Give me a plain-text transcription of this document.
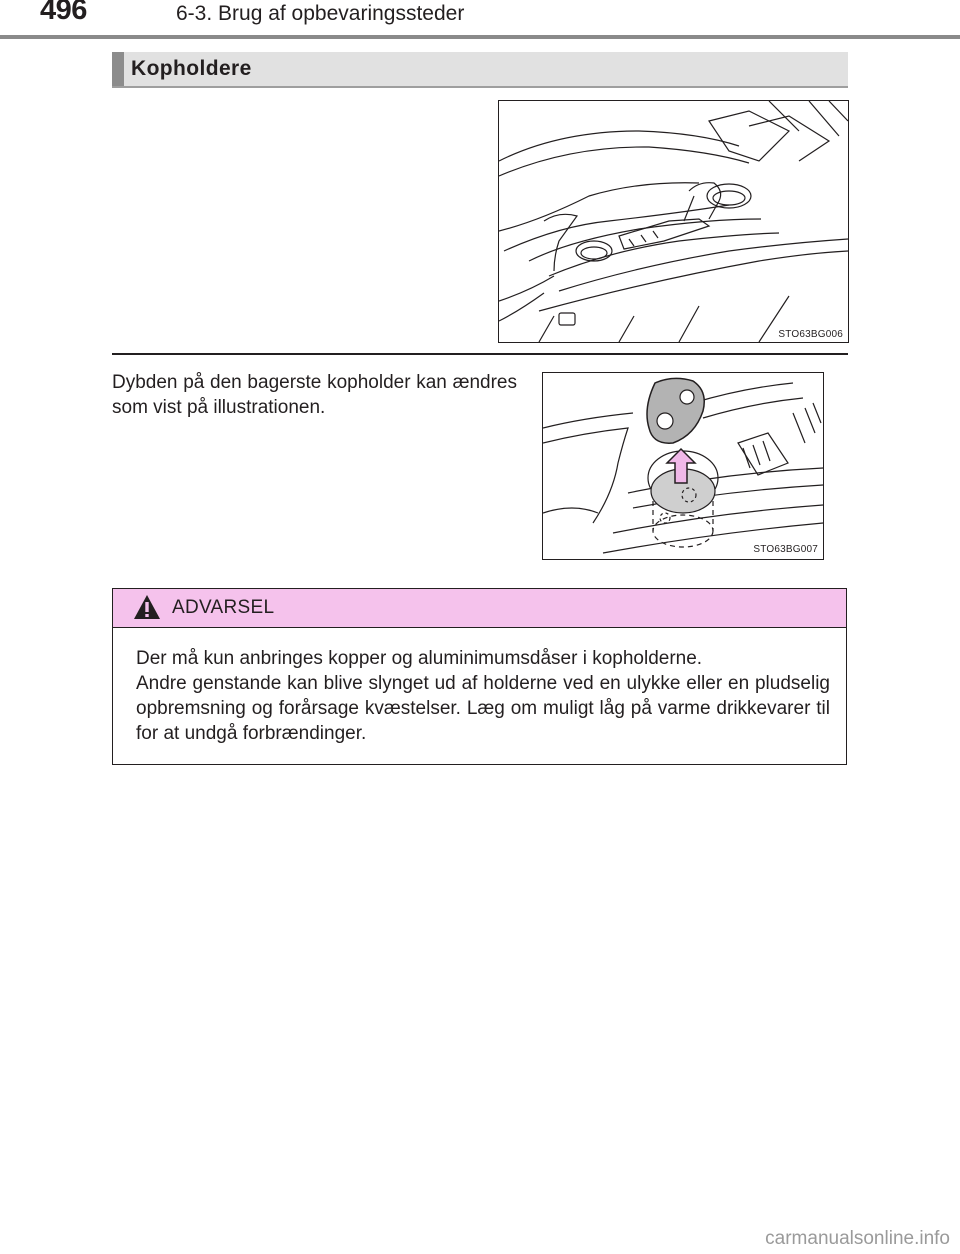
496	6-3. Brug af opbevaringssteder
Kopholdere
STO63BG006
Dybden på den bagerste kopholder kan ændres som vist på illustrationen.
STO63BG007
ADVARSEL

Der må kun anbringes kopper og aluminimumsdåser i kopholderne.

Andre genstande kan blive slynget ud af holderne ved en ulykke eller en pludselig opbremsning og forårsage kvæstelser. Læg om muligt låg på varme drikkevarer til for at undgå forbrændinger.

carmanualsonline.info
